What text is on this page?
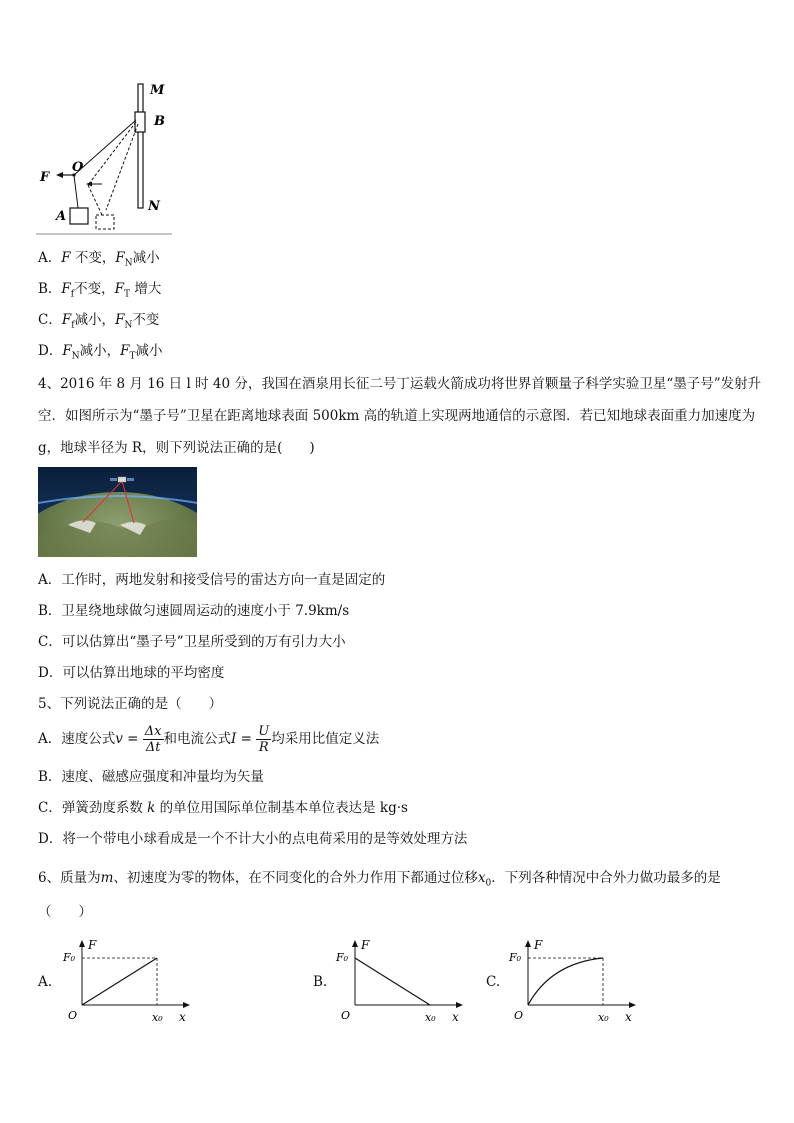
M
B
O
F
A
N
A．F 不变，$F_N$减小
B．$F_f$不变，$F_T$ 增大
C．$F_f$减小，$F_N$不变
D．$F_N$减小，$F_T$减小
4、2016 年 8 月 16 日 l 时 40 分，我国在酒泉用长征二号丁运载火箭成功将世界首颗量子科学实验卫星“墨子号”发射升空．如图所示为“墨子号”卫星在距离地球表面 500km 高的轨道上实现两地通信的示意图．若已知地球表面重力加速度为 g，地球半径为 R，则下列说法正确的是(　　)
A．工作时，两地发射和接受信号的雷达方向一直是固定的
B．卫星绕地球做匀速圆周运动的速度小于 7.9km/s
C．可以估算出“墨子号”卫星所受到的万有引力大小
D．可以估算出地球的平均密度
5、下列说法正确的是（　　）
A．速度公式$v = \frac{\Delta x}{\Delta t}$ 和电流公式$I = \frac{U}{R}$ 均采用比值定义法
B．速度、磁感应强度和冲量均为矢量
C．弹簧劲度系数 k 的单位用国际单位制基本单位表达是 kg·s
D．将一个带电小球看成是一个不计大小的点电荷采用的是等效处理方法
6、质量为m、初速度为零的物体，在不同变化的合外力作用下都通过位移$x_0$．下列各种情况中合外力做功最多的是
（　　）
A.
F
F₀
O	x₀ x
B.
F
F₀
O	x₀ x
C.
F
F₀
O	x₀ x
